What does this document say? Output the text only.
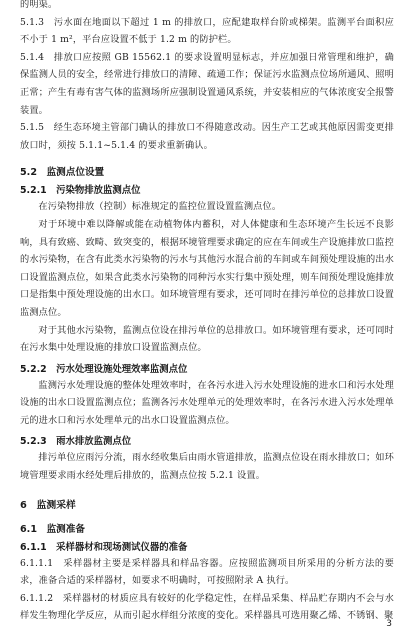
的明渠。

5.1.3　污水面在地面以下超过 1 m 的排放口，应配建取样台阶或梯架。监测平台面积应不小于 1 m²，平台应设置不低于 1.2 m 的防护栏。

5.1.4　排放口应按照 GB 15562.1 的要求设置明显标志，并应加强日常管理和维护，确保监测人员的安全，经常进行排放口的清障、疏通工作；保证污水监测点位场所通风、照明正常；产生有毒有害气体的监测场所应强制设置通风系统，并安装相应的气体浓度安全报警装置。

5.1.5　经生态环境主管部门确认的排放口不得随意改动。因生产工艺或其他原因需变更排放口时，须按 5.1.1~5.1.4 的要求重新确认。

5.2　监测点位设置
5.2.1　污染物排放监测点位

在污染物排放（控制）标准规定的监控位置设置监测点位。

对于环境中难以降解或能在动植物体内蓄积，对人体健康和生态环境产生长远不良影响，具有致癌、致畸、致突变的，根据环境管理要求确定的应在车间或生产设施排放口监控的水污染物，在含有此类水污染物的污水与其他污水混合前的车间或车间预处理设施的出水口设置监测点位，如果含此类水污染物的同种污水实行集中预处理，则车间预处理设施排放口是指集中预处理设施的出水口。如环境管理有要求，还可同时在排污单位的总排放口设置监测点位。

对于其他水污染物，监测点位设在排污单位的总排放口。如环境管理有要求，还可同时在污水集中处理设施的排放口设置监测点位。

5.2.2　污水处理设施处理效率监测点位

监测污水处理设施的整体处理效率时，在各污水进入污水处理设施的进水口和污水处理设施的出水口设置监测点位；监测各污水处理单元的处理效率时，在各污水进入污水处理单元的进水口和污水处理单元的出水口设置监测点位。

5.2.3　雨水排放监测点位

排污单位应雨污分流，雨水经收集后由雨水管道排放，监测点位设在雨水排放口；如环境管理要求雨水经处理后排放的，监测点位按 5.2.1 设置。

6　监测采样
6.1　监测准备
6.1.1　采样器材和现场测试仪器的准备

6.1.1.1　采样器材主要是采样器具和样品容器。应按照监测项目所采用的分析方法的要求，准备合适的采样器材，如要求不明确时，可按照附录 A 执行。

6.1.1.2　采样器材的材质应具有较好的化学稳定性，在样品采集、样品贮存期内不会与水样发生物理化学反应，从而引起水样组分浓度的变化。采样器具可选用聚乙烯、不锈钢、聚

3
